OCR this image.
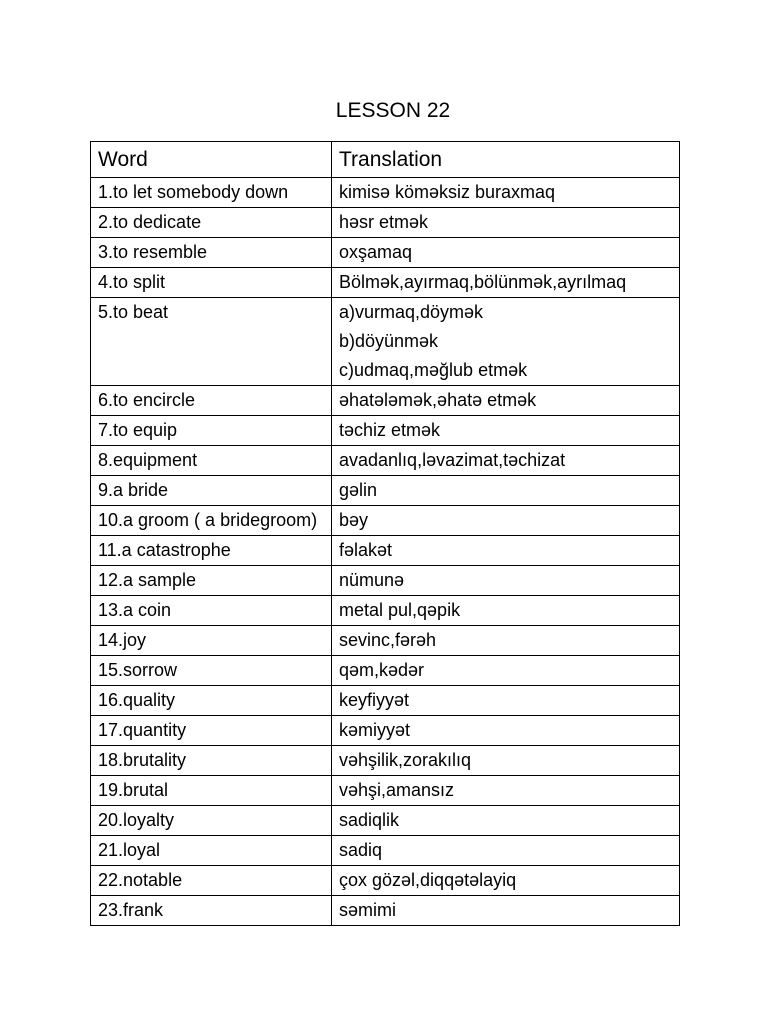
LESSON 22
Word	Translation
1.to let somebody down	kimisə köməksiz buraxmaq

2.to dedicate	həsr etmək

3.to resemble	oxşamaq

4.to split	Bölmək,ayırmaq,bölünmək,ayrılmaq

5.to beat	a)vurmaq,döymək
b)döyünmək
c)udmaq,məğlub etmək

6.to encircle	əhatələmək,əhatə etmək

7.to equip	təchiz etmək

8.equipment	avadanlıq,ləvazimat,təchizat

9.a bride	gəlin

10.a groom ( a bridegroom)	bəy

11.a catastrophe	fəlakət

12.a sample	nümunə

13.a coin	metal pul,qəpik

14.joy	sevinc,fərəh

15.sorrow	qəm,kədər

16.quality	keyfiyyət

17.quantity	kəmiyyət

18.brutality	vəhşilik,zorakılıq

19.brutal	vəhşi,amansız

20.loyalty	sadiqlik

21.loyal	sadiq

22.notable	çox gözəl,diqqətəlayiq

23.frank	səmimi
